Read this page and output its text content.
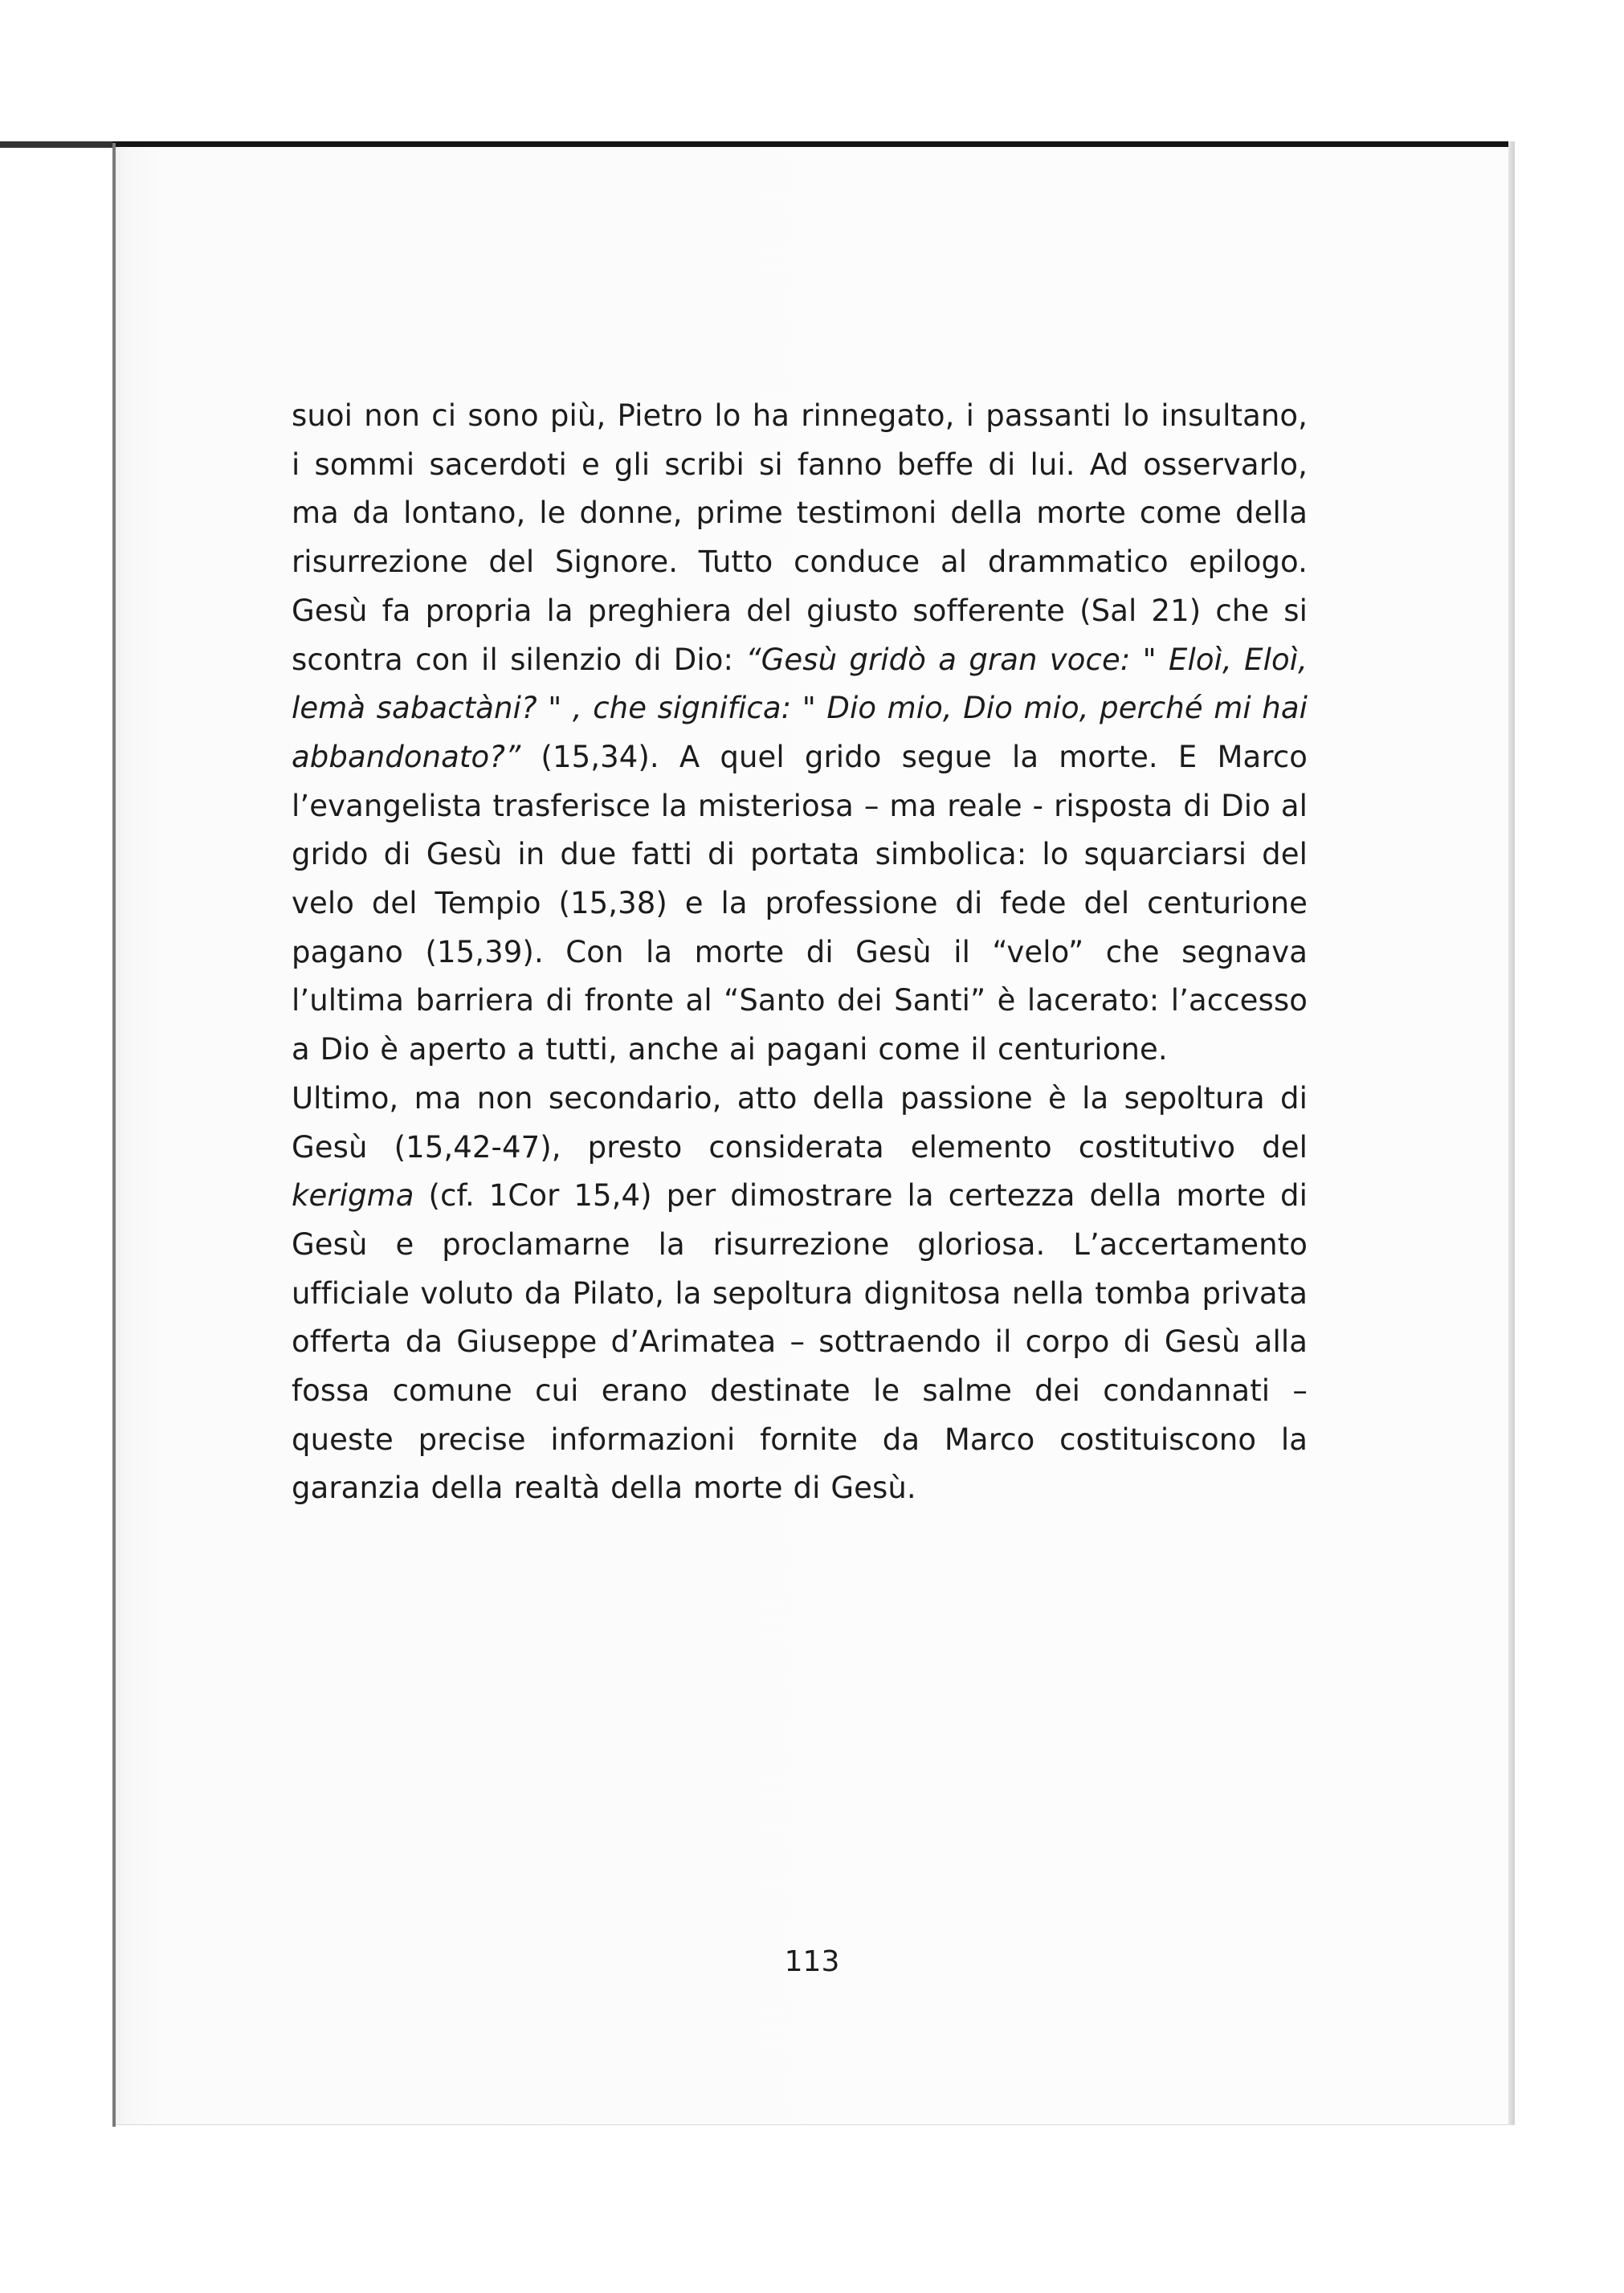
suoi non ci sono più, Pietro lo ha rinnegato, i passanti lo insultano, i sommi sacerdoti e gli scribi si fanno beffe di lui. Ad osservarlo, ma da lontano, le donne, prime testimoni della morte come della risurrezione del Signore. Tutto conduce al drammatico epilogo. Gesù fa propria la preghiera del giusto sofferente (Sal 21) che si scontra con il silenzio di Dio: “Gesù gridò a gran voce: " Eloì, Eloì, lemà sabactàni? " , che significa: " Dio mio, Dio mio, perché mi hai abbandonato?” (15,34). A quel grido segue la morte. E Marco l’evangelista trasferisce la misteriosa – ma reale - risposta di Dio al grido di Gesù in due fatti di portata simbolica: lo squarciarsi del velo del Tempio (15,38) e la professione di fede del centurione pagano (15,39). Con la morte di Gesù il “velo” che segnava l’ultima barriera di fronte al “Santo dei Santi” è lacerato: l’accesso a Dio è aperto a tutti, anche ai pagani come il centurione.

Ultimo, ma non secondario, atto della passione è la sepoltura di Gesù (15,42-47), presto considerata elemento costitutivo del kerigma (cf. 1Cor 15,4) per dimostrare la certezza della morte di Gesù e proclamarne la risurrezione gloriosa. L’accertamento ufficiale voluto da Pilato, la sepoltura dignitosa nella tomba privata offerta da Giuseppe d’Arimatea – sottraendo il corpo di Gesù alla fossa comune cui erano destinate le salme dei condannati – queste precise informazioni fornite da Marco costituiscono la garanzia della realtà della morte di Gesù.

113
